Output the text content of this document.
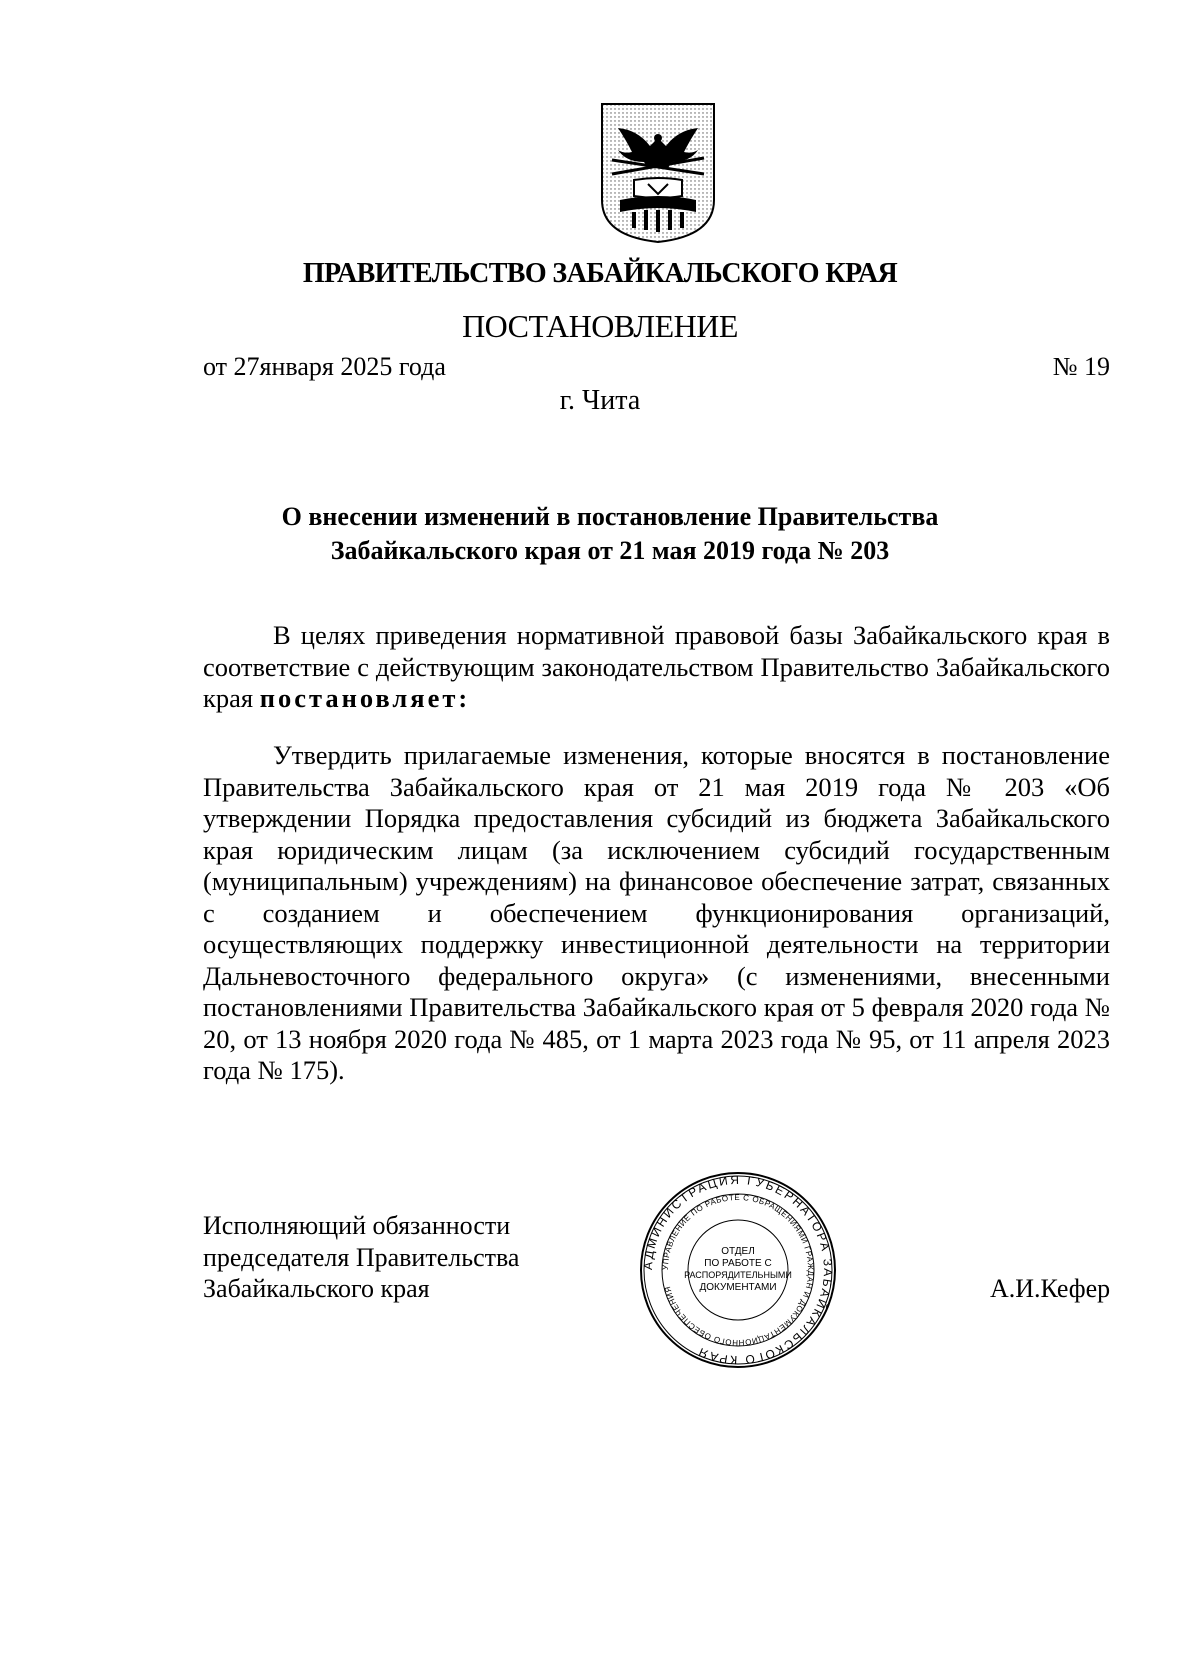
ПРАВИТЕЛЬСТВО ЗАБАЙКАЛЬСКОГО КРАЯ
ПОСТАНОВЛЕНИЕ
от 27января 2025 года	№ 19
г. Чита
О внесении изменений в постановление Правительства
Забайкальского края от 21 мая 2019 года № 203

В целях приведения нормативной правовой базы Забайкальского края в соответствие с действующим законодательством Правительство Забайкальского края постановляет:

Утвердить прилагаемые изменения, которые вносятся в постановление Правительства Забайкальского края от 21 мая 2019 года № 203 «Об утверждении Порядка предоставления субсидий из бюджета Забайкальского края юридическим лицам (за исключением субсидий государственным (муниципальным) учреждениям) на финансовое обеспечение затрат, связанных с созданием и обеспечением функционирования организаций, осуществляющих поддержку инвестиционной деятельности на территории Дальневосточного федерального округа» (с изменениями, внесенными постановлениями Правительства Забайкальского края от 5 февраля 2020 года № 20, от 13 ноября 2020 года № 485, от 1 марта 2023 года № 95, от 11 апреля 2023 года № 175).

Исполняющий обязанности
председателя Правительства
Забайкальского края
АДМИНИСТРАЦИЯ ГУБЕРНАТОРА ЗАБАЙКАЛЬСКОГО КРАЯ
УПРАВЛЕНИЕ ПО РАБОТЕ С ОБРАЩЕНИЯМИ ГРАЖДАН И ДОКУМЕНТАЦИОННОГО ОБЕСПЕЧЕНИЯ
ОТДЕЛ
ПО РАБОТЕ С
РАСПОРЯДИТЕЛЬНЫМИ
ДОКУМЕНТАМИ	А.И.Кефер
